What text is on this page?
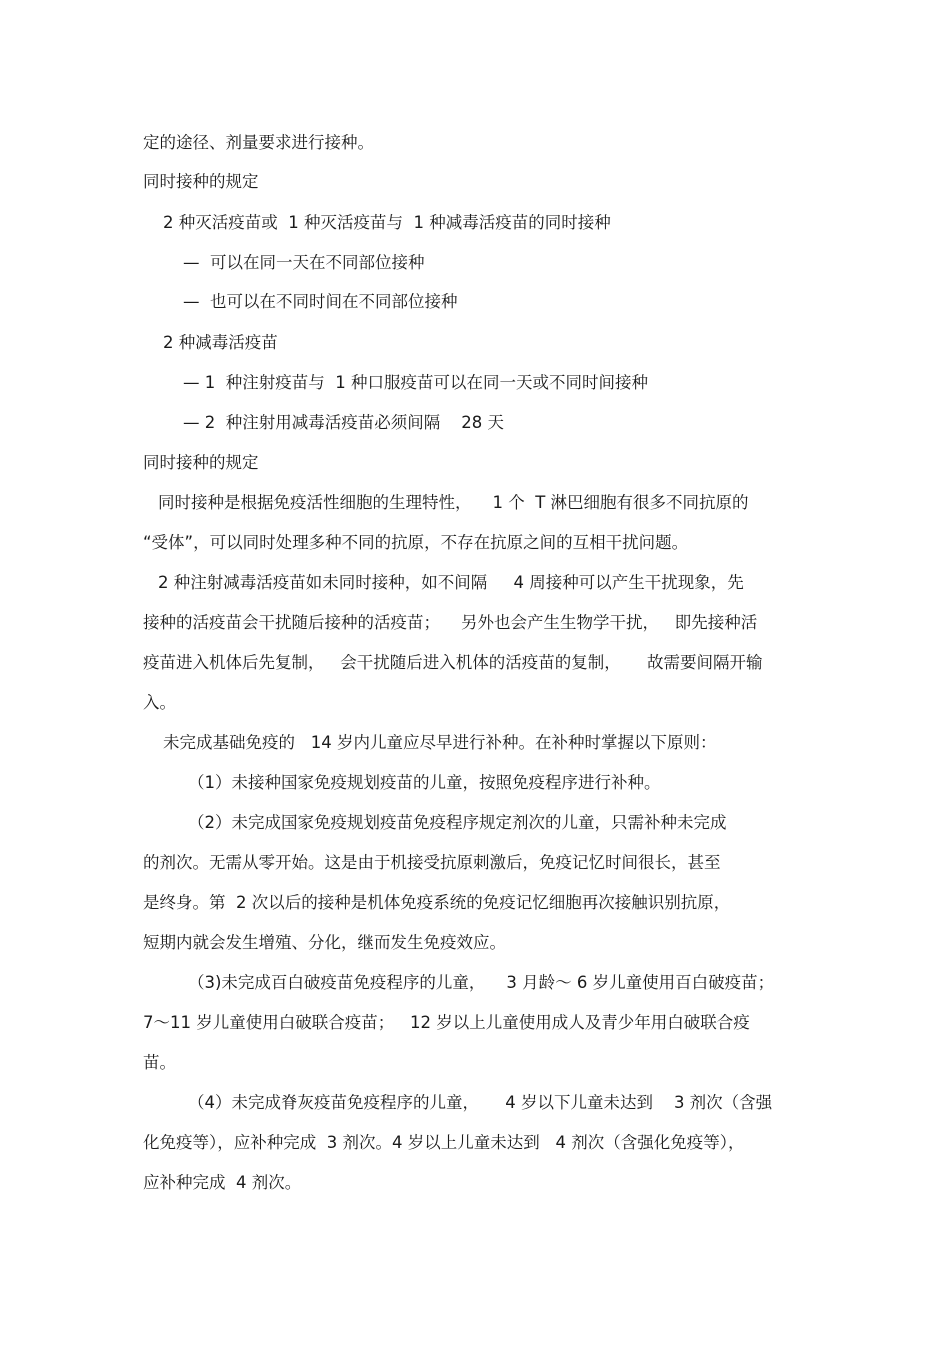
定的途径、剂量要求进行接种。
同时接种的规定
2 种灭活疫苗或  1 种灭活疫苗与  1 种减毒活疫苗的同时接种
—  可以在同一天在不同部位接种
—  也可以在不同时间在不同部位接种
2 种减毒活疫苗
— 1  种注射疫苗与  1 种口服疫苗可以在同一天或不同时间接种
— 2  种注射用减毒活疫苗必须间隔    28 天
同时接种的规定
同时接种是根据免疫活性细胞的生理特性，    1 个  T 淋巴细胞有很多不同抗原的
“受体”，可以同时处理多种不同的抗原，不存在抗原之间的互相干扰问题。
2 种注射减毒活疫苗如未同时接种，如不间隔     4 周接种可以产生干扰现象，先
接种的活疫苗会干扰随后接种的活疫苗；    另外也会产生生物学干扰，   即先接种活
疫苗进入机体后先复制，   会干扰随后进入机体的活疫苗的复制，     故需要间隔开输
入。
未完成基础免疫的   14 岁内儿童应尽早进行补种。在补种时掌握以下原则：
（1）未接种国家免疫规划疫苗的儿童，按照免疫程序进行补种。
（2）未完成国家免疫规划疫苗免疫程序规定剂次的儿童，只需补种未完成
的剂次。无需从零开始。这是由于机接受抗原刺激后，免疫记忆时间很长，甚至
是终身。第  2 次以后的接种是机体免疫系统的免疫记忆细胞再次接触识别抗原，
短期内就会发生增殖、分化，继而发生免疫效应。
（3)未完成百白破疫苗免疫程序的儿童，    3 月龄～ 6 岁儿童使用百白破疫苗；
7～11 岁儿童使用白破联合疫苗；   12 岁以上儿童使用成人及青少年用白破联合疫
苗。
（4）未完成脊灰疫苗免疫程序的儿童，     4 岁以下儿童未达到    3 剂次（含强
化免疫等），应补种完成  3 剂次。4 岁以上儿童未达到   4 剂次（含强化免疫等），
应补种完成  4 剂次。
